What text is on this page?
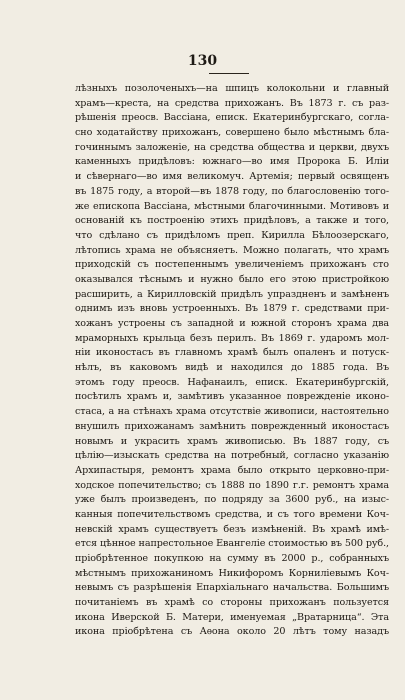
130
лѣзныхъ позолоченыхъ—на шпицъ колокольни и главный
храмъ—креста, на средства прихожанъ. Въ 1873 г. съ раз-
рѣшенія преосв. Вассіана, епиcк. Екатеринбургскаго, согла-
сно ходатайству прихожанъ, совершено было мѣстнымъ бла-
гочиннымъ заложеніе, на средства общества и церкви, двухъ
каменныхъ придѣловъ: южнаго—во имя Пророка Б. Иліи
и сѣвернаго—во имя великомуч. Артемія; первый освященъ
въ 1875 году, а второй—въ 1878 году, по благословенію того-
же епископа Вассіана, мѣстными благочинными. Мотивовъ и
основаній къ построенію этихъ придѣловъ, а также и того,
что сдѣлано съ придѣломъ преп. Кирилла Бѣлоозерскаго,
лѣтопись храма не объясняетъ. Можно полагать, что храмъ
приходскій съ постепеннымъ увеличеніемъ прихожанъ сто
оказывался тѣснымъ и нужно было его этою пристройкою
расширить, а Кирилловскій придѣлъ упраздненъ и замѣненъ
однимъ изъ вновь устроенныхъ. Въ 1879 г. средствами при-
хожанъ устроены съ западной и южной сторонъ храма два
мраморныхъ крыльца безъ перилъ. Въ 1869 г. ударомъ мол-
ніи иконостасъ въ главномъ храмѣ былъ опаленъ и потуск-
нѣлъ, въ каковомъ видѣ и находился до 1885 года. Въ
этомъ году преосв. Нафанаилъ, епиcк. Екатеринбургскій,
посѣтилъ храмъ и, замѣтивъ указанное поврежденіе иконо-
стаса, а на стѣнахъ храма отсутствіе живописи, настоятельно
внушилъ прихожанамъ замѣнить поврежденный иконостасъ
новымъ и украсить храмъ живописью. Въ 1887 году, съ
цѣлію—изыскать средства на потребный, согласно указанію
Архипастыря, ремонтъ храма было открыто церковно-при-
ходское попечительство; съ 1888 по 1890 г.г. ремонтъ храма
уже былъ произведенъ, по подряду за 3600 руб., на изыс-
канныя попечительствомъ средства, и съ того времени Коч-
невскій храмъ существуетъ безъ измѣненій. Въ храмѣ имѣ-
ется цѣнное напрестольное Евангеліе стоимостью въ 500 руб.,
пріобрѣтенное покупкою на сумму въ 2000 р., собранныхъ
мѣстнымъ прихожаниномъ Никифоромъ Корнилiевымъ Коч-
невымъ съ разрѣшенія Епархіальнаго начальства. Большимъ
почитаніемъ въ храмѣ со стороны прихожанъ пользуется
икона Иверской Б. Матери, именуемая „Вратарница“. Эта
икона пріобрѣтена съ Аѳона около 20 лѣтъ тому назадъ
